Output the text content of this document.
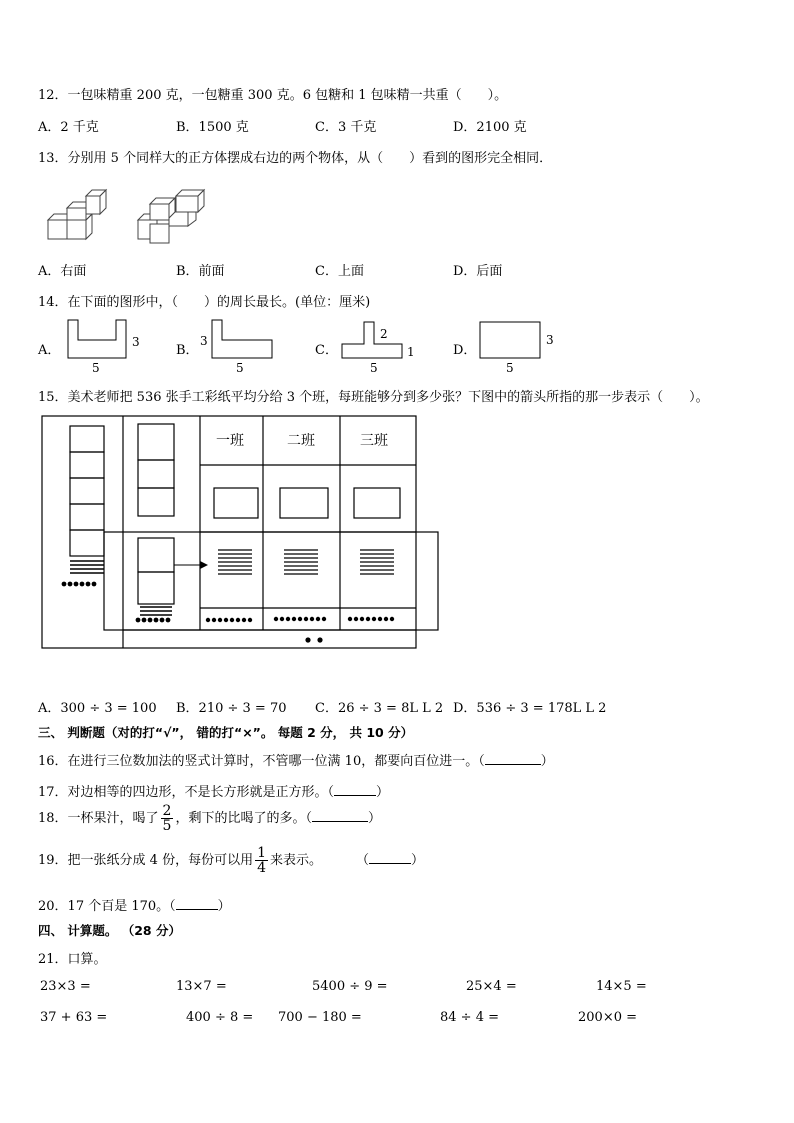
12．一包味精重 200 克，一包糖重 300 克。6 包糖和 1 包味精一共重（　　）。
A．2 千克	B．1500 克	C．3 千克	D．2100 克
13．分别用 5 个同样大的正方体摆成右边的两个物体，从（　　）看到的图形完全相同．
A．右面	B．前面	C．上面	D．后面
14．在下面的图形中，（　　）的周长最长。(单位：厘米)
A．	B．	C．	D．
5
3	3
5
2
5
1
3
5
15．美术老师把 536 张手工彩纸平均分给 3 个班，每班能够分到多少张？下图中的箭头所指的那一步表示（　　）。
一班	二班	三班
A．300 ÷ 3 = 100 B．210 ÷ 3 = 70 C．26 ÷ 3 = 8L L 2 D．536 ÷ 3 = 178L L 2
三、 判断题（对的打“√”， 错的打“×”。 每题 2 分， 共 10 分）
16．在进行三位数加法的竖式计算时，不管哪一位满 10，都要向百位进一。（	）
17．对边相等的四边形，不是长方形就是正方形。（	）
18．一杯果汁，喝了 $\frac{2}{5}$ ，剩下的比喝了的多。（	）
19．把一张纸分成 4 份，每份可以用 $\frac{1}{4}$ 来表示。	（	）
20．17 个百是 170。（	）
四、 计算题。 （28 分）
21．口算。
23×3 =	13×7 =	5400 ÷ 9 =	25×4 =	14×5 =
37 + 63 =	400 ÷ 8 = 700 − 180 =	84 ÷ 4 =	200×0 =
